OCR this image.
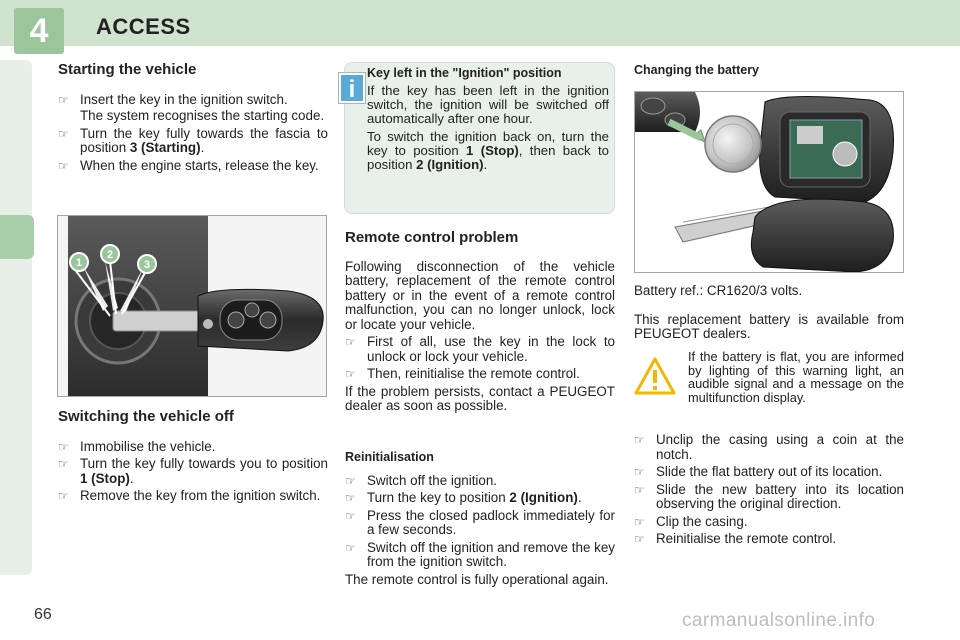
4	ACCESS
Starting the vehicle
☞ Insert the key in the ignition switch.
The system recognises the starting code.
☞ Turn the key fully towards the fascia to position 3 (Starting).
☞ When the engine starts, release the key.
1
2
3
Switching the vehicle off
☞ Immobilise the vehicle.
☞ Turn the key fully towards you to position 1 (Stop).
☞ Remove the key from the ignition switch.
i
Key left in the "Ignition" position
If the key has been left in the ignition switch, the ignition will be switched off automatically after one hour.
To switch the ignition back on, turn the key to position 1 (Stop), then back to position 2 (Ignition).
Remote control problem
Following disconnection of the vehicle battery, replacement of the remote control battery or in the event of a remote control malfunction, you can no longer unlock, lock or locate your vehicle.
☞ First of all, use the key in the lock to unlock or lock your vehicle.
☞ Then, reinitialise the remote control.
If the problem persists, contact a PEUGEOT dealer as soon as possible.
Reinitialisation
☞ Switch off the ignition.
☞ Turn the key to position 2 (Ignition).
☞ Press the closed padlock immediately for a few seconds.
☞ Switch off the ignition and remove the key from the ignition switch.
The remote control is fully operational again.
Changing the battery
Battery ref.: CR1620/3 volts.
This replacement battery is available from PEUGEOT dealers.
If the battery is flat, you are informed by lighting of this warning light, an audible signal and a message on the multifunction display.
☞ Unclip the casing using a coin at the notch.
☞ Slide the flat battery out of its location.
☞ Slide the new battery into its location observing the original direction.
☞ Clip the casing.
☞ Reinitialise the remote control.
66	carmanualsonline.info
